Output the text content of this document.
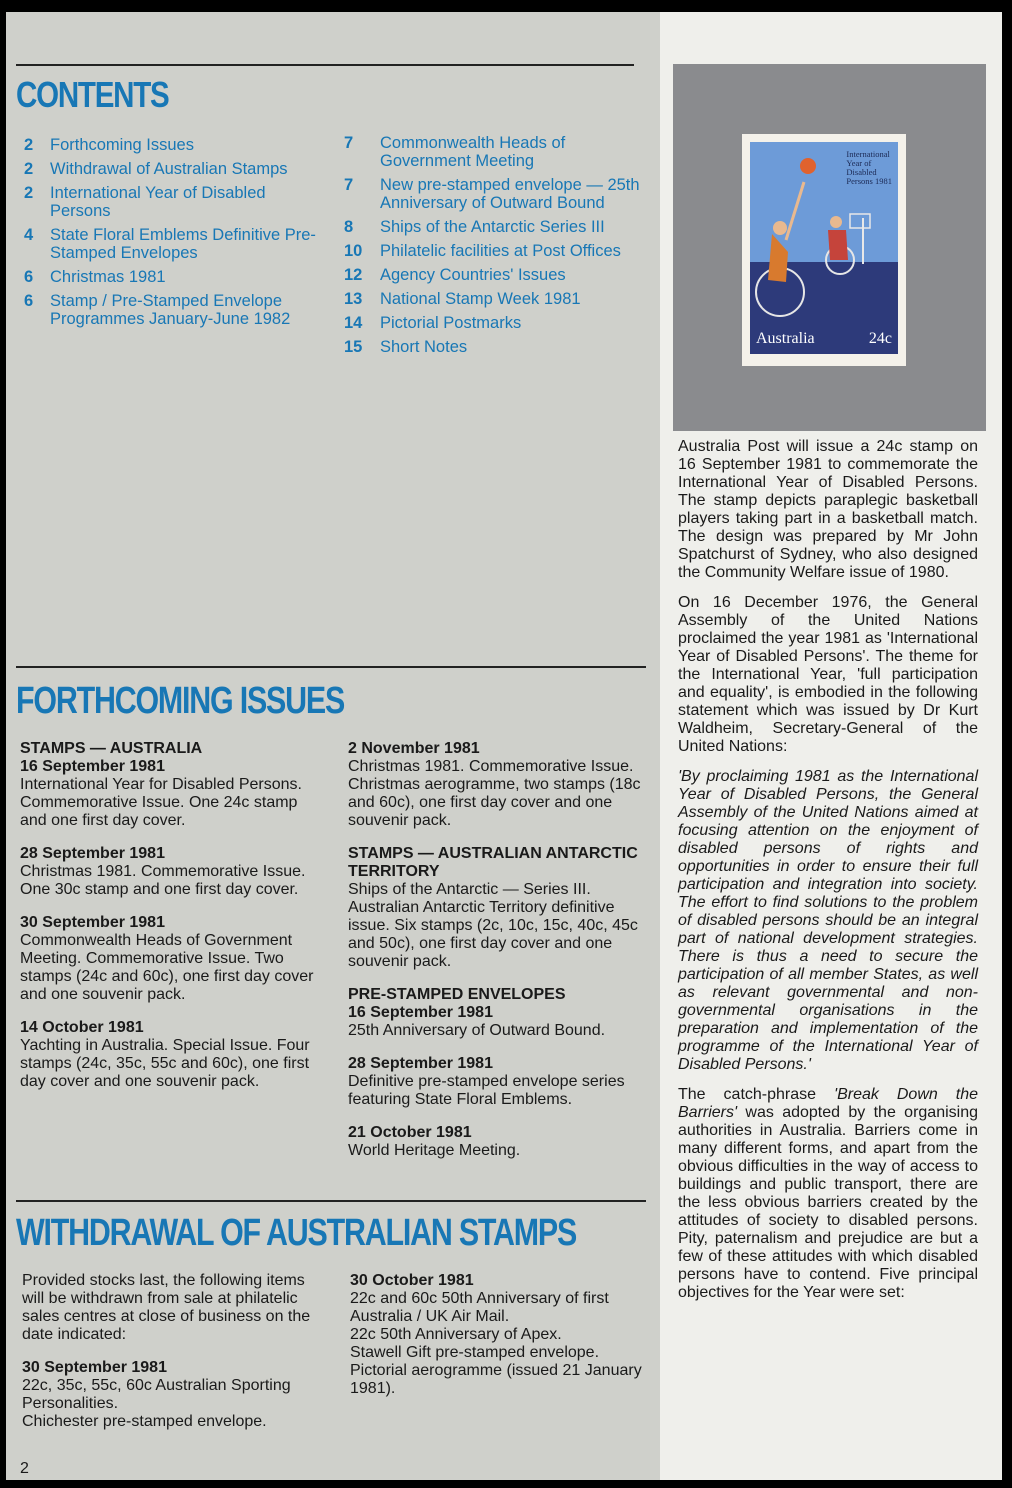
CONTENTS
2 Forthcoming Issues
2 Withdrawal of Australian Stamps
2 International Year of Disabled Persons
4 State Floral Emblems Definitive Pre-Stamped Envelopes
6 Christmas 1981
6 Stamp / Pre-Stamped Envelope Programmes January-June 1982
7 Commonwealth Heads of Government Meeting
7 New pre-stamped envelope — 25th Anniversary of Outward Bound
8 Ships of the Antarctic Series III
10 Philatelic facilities at Post Offices
12 Agency Countries' Issues
13 National Stamp Week 1981
14 Pictorial Postmarks
15 Short Notes
FORTHCOMING ISSUES
STAMPS — AUSTRALIA
16 September 1981

International Year for Disabled Persons. Commemorative Issue. One 24c stamp and one first day cover.

28 September 1981

Christmas 1981. Commemorative Issue. One 30c stamp and one first day cover.

30 September 1981

Commonwealth Heads of Government Meeting. Commemorative Issue. Two stamps (24c and 60c), one first day cover and one souvenir pack.

14 October 1981

Yachting in Australia. Special Issue. Four stamps (24c, 35c, 55c and 60c), one first day cover and one souvenir pack.

2 November 1981

Christmas 1981. Commemorative Issue. Christmas aerogramme, two stamps (18c and 60c), one first day cover and one souvenir pack.

STAMPS — AUSTRALIAN ANTARCTIC TERRITORY

Ships of the Antarctic — Series III. Australian Antarctic Territory definitive issue. Six stamps (2c, 10c, 15c, 40c, 45c and 50c), one first day cover and one souvenir pack.

PRE-STAMPED ENVELOPES
16 September 1981

25th Anniversary of Outward Bound.

28 September 1981

Definitive pre-stamped envelope series featuring State Floral Emblems.

21 October 1981

World Heritage Meeting.

WITHDRAWAL OF AUSTRALIAN STAMPS

Provided stocks last, the following items will be withdrawn from sale at philatelic sales centres at close of business on the date indicated:

30 September 1981

22c, 35c, 55c, 60c Australian Sporting Personalities.

Chichester pre-stamped envelope.

30 October 1981

22c and 60c 50th Anniversary of first Australia / UK Air Mail.

22c 50th Anniversary of Apex.

Stawell Gift pre-stamped envelope.

Pictorial aerogramme (issued 21 January 1981).

International
Year of
Disabled
Persons 1981
Australia	24c

Australia Post will issue a 24c stamp on 16 September 1981 to commemorate the International Year of Disabled Persons. The stamp depicts paraplegic basketball players taking part in a basketball match. The design was prepared by Mr John Spatchurst of Sydney, who also designed the Community Welfare issue of 1980.

On 16 December 1976, the General Assembly of the United Nations proclaimed the year 1981 as 'International Year of Disabled Persons'. The theme for the International Year, 'full participation and equality', is embodied in the following statement which was issued by Dr Kurt Waldheim, Secretary-General of the United Nations:

'By proclaiming 1981 as the International Year of Disabled Persons, the General Assembly of the United Nations aimed at focusing attention on the enjoyment of disabled persons of rights and opportunities in order to ensure their full participation and integration into society. The effort to find solutions to the problem of disabled persons should be an integral part of national development strategies. There is thus a need to secure the participation of all member States, as well as relevant governmental and non-governmental organisations in the preparation and implementation of the programme of the International Year of Disabled Persons.'

The catch-phrase 'Break Down the Barriers' was adopted by the organising authorities in Australia. Barriers come in many different forms, and apart from the obvious difficulties in the way of access to buildings and public transport, there are the less obvious barriers created by the attitudes of society to disabled persons. Pity, paternalism and prejudice are but a few of these attitudes with which disabled persons have to contend. Five principal objectives for the Year were set:

2
